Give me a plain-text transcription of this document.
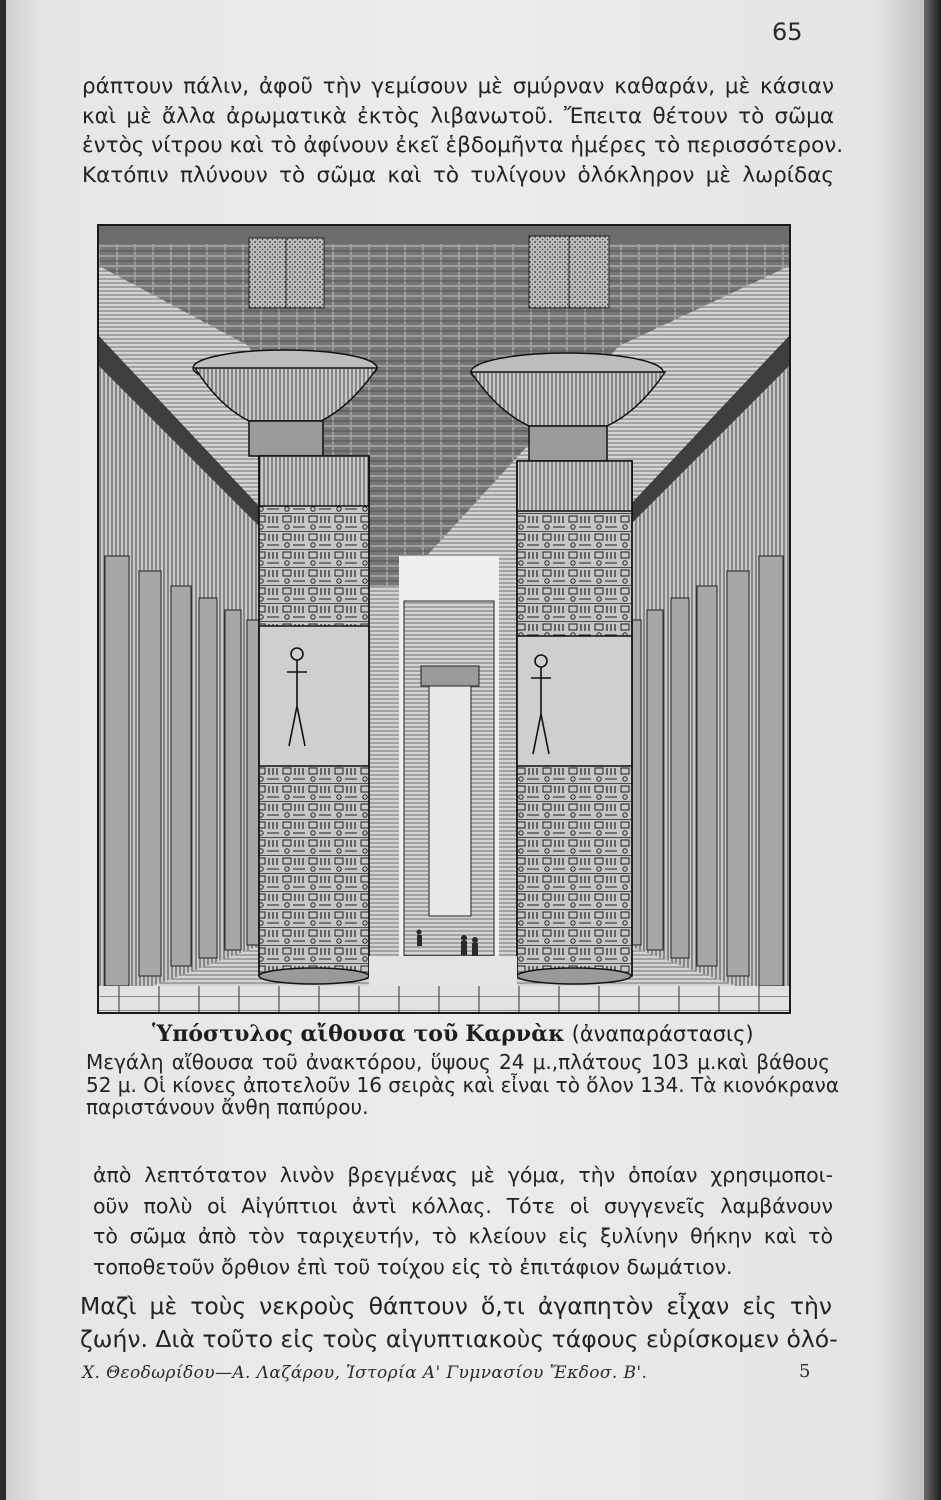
65
ράπτουν πάλιν, ἀφοῦ τὴν γεμίσουν μὲ σμύρναν καθαράν, μὲ κάσιαν
καὶ μὲ ἄλλα ἀρωματικὰ ἐκτὸς λιβανωτοῦ. Ἔπειτα θέτουν τὸ σῶμα
ἐντὸς νίτρου καὶ τὸ ἀφίνουν ἐκεῖ ἑβδομῆντα ἡμέρες τὸ περισσότερον.
Κατόπιν πλύνουν τὸ σῶμα καὶ τὸ τυλίγουν ὁλόκληρον μὲ λωρίδας
Ὑπόστυλος αἴθουσα τοῦ Καρνὰκ (ἀναπαράστασις)
Μεγάλη αἴθουσα τοῦ ἀνακτόρου, ὕψους 24 μ.,πλάτους 103 μ.καὶ βάθους
52 μ. Οἱ κίονες ἀποτελοῦν 16 σειρὰς καὶ εἶναι τὸ ὅλον 134. Τὰ κιονόκρανα
παριστάνουν ἄνθη παπύρου.
ἀπὸ λεπτότατον λινὸν βρεγμένας μὲ γόμα, τὴν ὁποίαν χρησιμοποι-
οῦν πολὺ οἱ Αἰγύπτιοι ἀντὶ κόλλας. Τότε οἱ συγγενεῖς λαμβάνουν
τὸ σῶμα ἀπὸ τὸν ταριχευτήν, τὸ κλείουν εἰς ξυλίνην θήκην καὶ τὸ
τοποθετοῦν ὄρθιον ἐπὶ τοῦ τοίχου εἰς τὸ ἐπιτάφιον δωμάτιον.
Μαζὶ μὲ τοὺς νεκροὺς θάπτουν ὅ,τι ἀγαπητὸν εἶχαν εἰς τὴν
ζωήν. Διὰ τοῦτο εἰς τοὺς αἰγυπτιακοὺς τάφους εὑρίσκομεν ὁλό-
Χ. Θεοδωρίδου—Α. Λαζάρου, Ἱστορία Α' Γυμνασίου Ἔκδοσ. Β'.	5
